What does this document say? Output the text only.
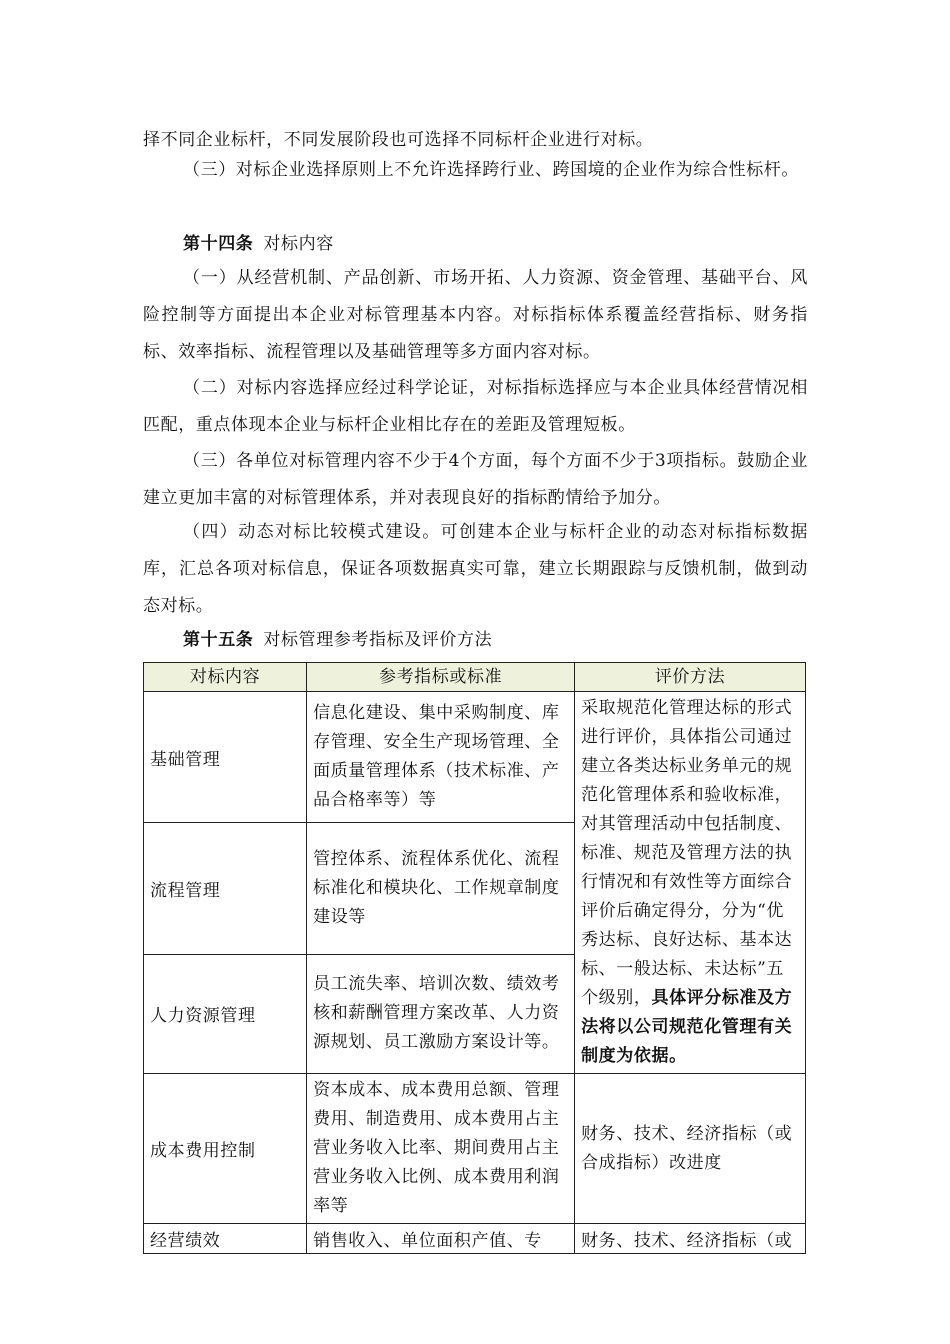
择不同企业标杆，不同发展阶段也可选择不同标杆企业进行对标。
（三）对标企业选择原则上不允许选择跨行业、跨国境的企业作为综合性标杆。
第十四条 对标内容
（一）从经营机制、产品创新、市场开拓、人力资源、资金管理、基础平台、风险控制等方面提出本企业对标管理基本内容。对标指标体系覆盖经营指标、财务指标、效率指标、流程管理以及基础管理等多方面内容对标。
（二）对标内容选择应经过科学论证，对标指标选择应与本企业具体经营情况相匹配，重点体现本企业与标杆企业相比存在的差距及管理短板。
（三）各单位对标管理内容不少于4个方面，每个方面不少于3项指标。鼓励企业建立更加丰富的对标管理体系，并对表现良好的指标酌情给予加分。
（四）动态对标比较模式建设。可创建本企业与标杆企业的动态对标指标数据库，汇总各项对标信息，保证各项数据真实可靠，建立长期跟踪与反馈机制，做到动态对标。
第十五条 对标管理参考指标及评价方法
对标内容	参考指标或标准	评价方法
基础管理	信息化建设、集中采购制度、库存管理、安全生产现场管理、全面质量管理体系（技术标准、产品合格率等）等	采取规范化管理达标的形式进行评价，具体指公司通过建立各类达标业务单元的规范化管理体系和验收标准，对其管理活动中包括制度、标准、规范及管理方法的执行情况和有效性等方面综合评价后确定得分，分为“优秀达标、良好达标、基本达标、一般达标、未达标”五个级别，具体评分标准及方法将以公司规范化管理有关制度为依据。
流程管理	管控体系、流程体系优化、流程标准化和模块化、工作规章制度建设等	
人力资源管理	员工流失率、培训次数、绩效考核和薪酬管理方案改革、人力资源规划、员工激励方案设计等。	
成本费用控制	资本成本、成本费用总额、管理费用、制造费用、成本费用占主营业务收入比率、期间费用占主营业务收入比例、成本费用利润率等	财务、技术、经济指标（或合成指标）改进度
经营绩效	销售收入、单位面积产值、专	财务、技术、经济指标（或
